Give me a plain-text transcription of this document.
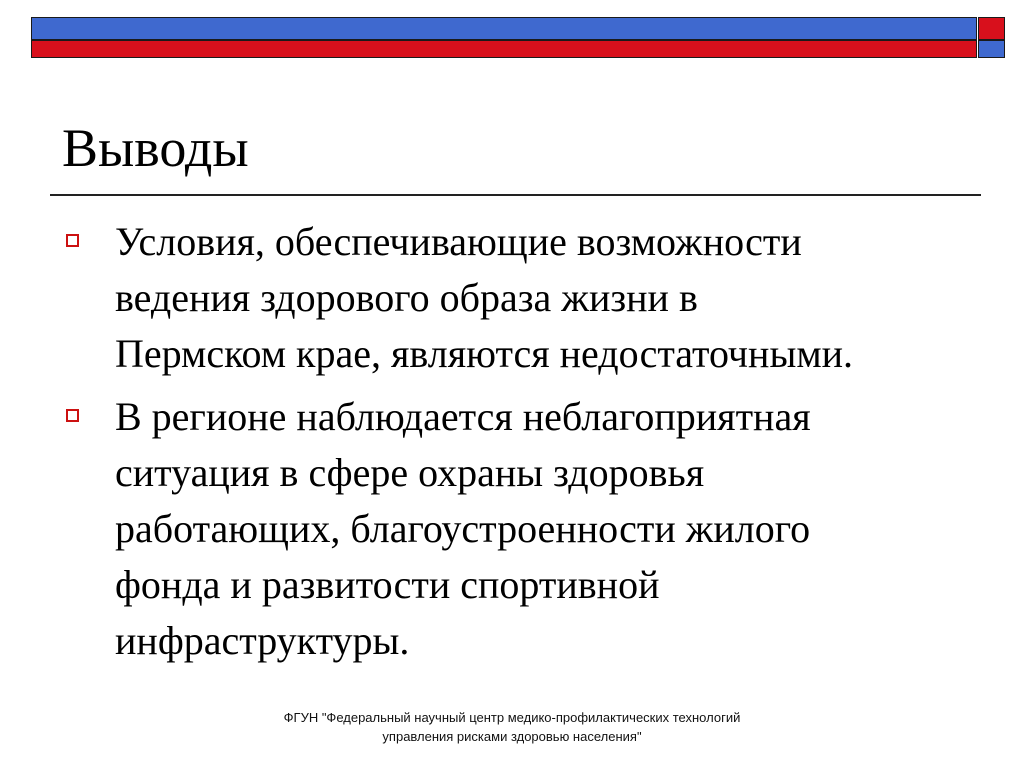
Выводы
Условия, обеспечивающие возможности
ведения здорового образа жизни в
Пермском крае, являются недостаточными.
В регионе наблюдается неблагоприятная
ситуация в сфере охраны здоровья
работающих, благоустроенности жилого
фонда и развитости спортивной
инфраструктуры.
ФГУН "Федеральный научный центр медико-профилактических технологий
управления рисками здоровью населения"
